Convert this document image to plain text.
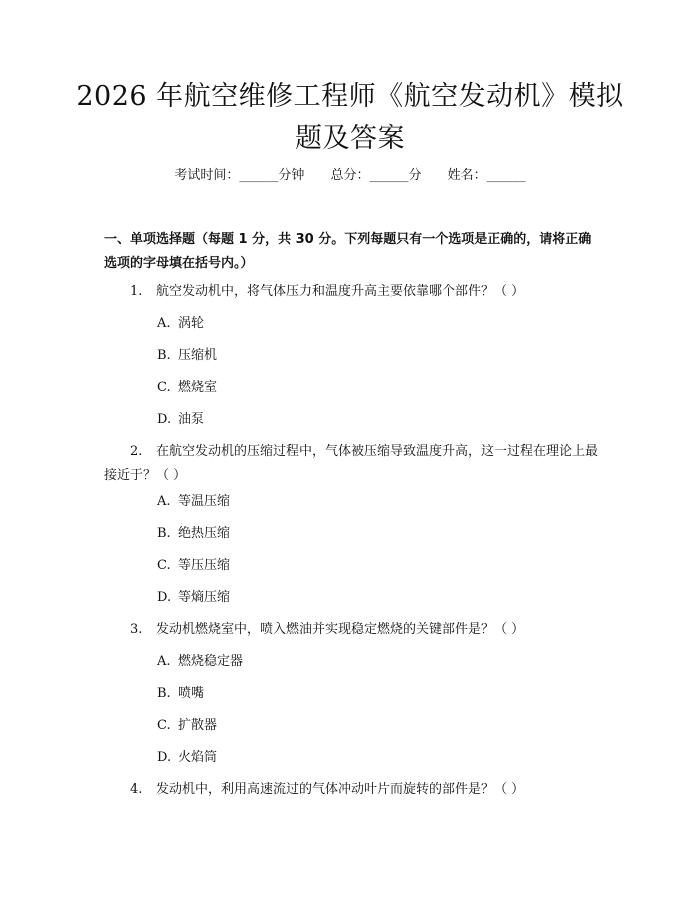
2026 年航空维修工程师《航空发动机》模拟
题及答案
考试时间：______分钟 总分：______分 姓名：______
一、单项选择题（每题 1 分，共 30 分。下列每题只有一个选项是正确的，请将正确选项的字母填在括号内。）
1. 航空发动机中，将气体压力和温度升高主要依靠哪个部件？（ ）
A. 涡轮
B. 压缩机
C. 燃烧室
D. 油泵
2. 在航空发动机的压缩过程中，气体被压缩导致温度升高，这一过程在理论上最接近于？（ ）
A. 等温压缩
B. 绝热压缩
C. 等压压缩
D. 等熵压缩
3. 发动机燃烧室中，喷入燃油并实现稳定燃烧的关键部件是？（ ）
A. 燃烧稳定器
B. 喷嘴
C. 扩散器
D. 火焰筒
4. 发动机中，利用高速流过的气体冲动叶片而旋转的部件是？（ ）
